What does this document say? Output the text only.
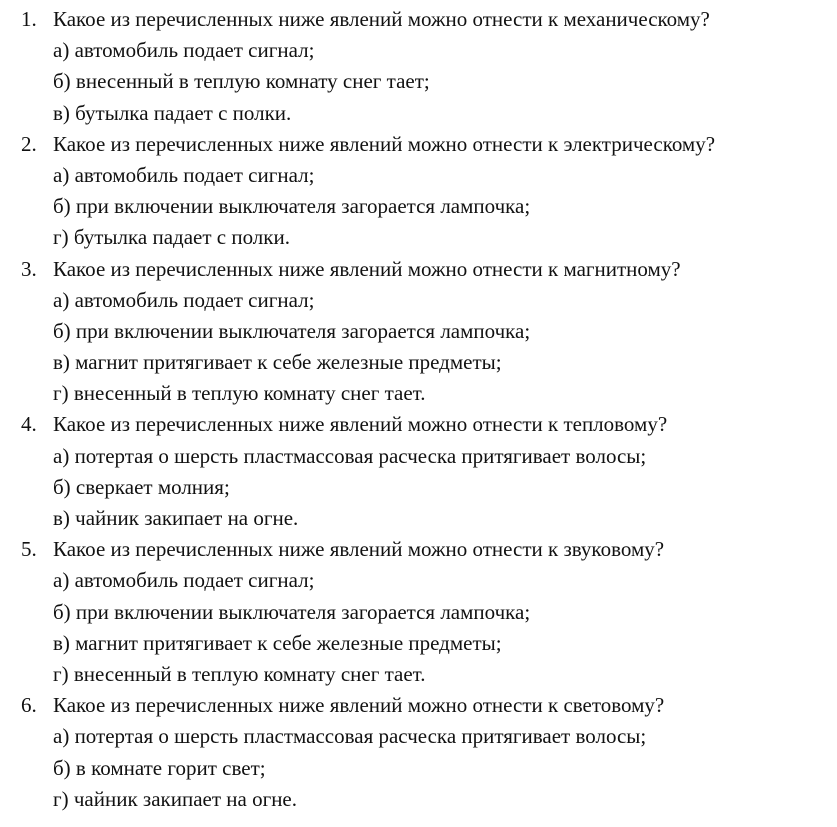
1. Какое из перечисленных ниже явлений можно отнести к механическому?
а) автомобиль подает сигнал;
б) внесенный в теплую комнату снег тает;
в) бутылка падает с полки.
2. Какое из перечисленных ниже явлений можно отнести к электрическому?
а) автомобиль подает сигнал;
б) при включении выключателя загорается лампочка;
г) бутылка падает с полки.
3. Какое из перечисленных ниже явлений можно отнести к магнитному?
а) автомобиль подает сигнал;
б) при включении выключателя загорается лампочка;
в) магнит притягивает к себе железные предметы;
г) внесенный в теплую комнату снег тает.
4. Какое из перечисленных ниже явлений можно отнести к тепловому?
а) потертая о шерсть пластмассовая расческа притягивает волосы;
б) сверкает молния;
в) чайник закипает на огне.
5. Какое из перечисленных ниже явлений можно отнести к звуковому?
а) автомобиль подает сигнал;
б) при включении выключателя загорается лампочка;
в) магнит притягивает к себе железные предметы;
г) внесенный в теплую комнату снег тает.
6. Какое из перечисленных ниже явлений можно отнести к световому?
а) потертая о шерсть пластмассовая расческа притягивает волосы;
б) в комнате горит свет;
г) чайник закипает на огне.
